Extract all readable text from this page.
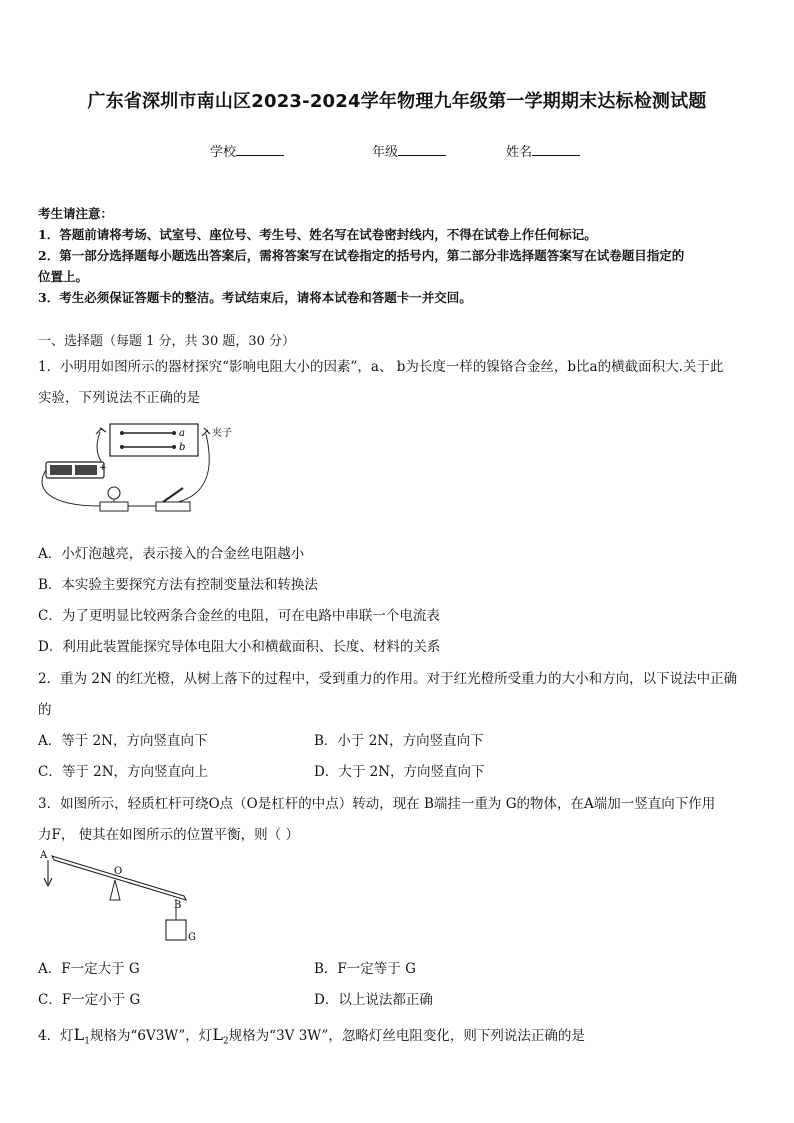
广东省深圳市南山区2023-2024学年物理九年级第一学期期末达标检测试题
学校	年级	姓名
考生请注意：
1．答题前请将考场、试室号、座位号、考生号、姓名写在试卷密封线内，不得在试卷上作任何标记。
2．第一部分选择题每小题选出答案后，需将答案写在试卷指定的括号内，第二部分非选择题答案写在试卷题目指定的
位置上。
3．考生必须保证答题卡的整洁。考试结束后，请将本试卷和答题卡一并交回。
一、选择题（每题 1 分，共 30 题，30 分）
1．小明用如图所示的器材探究“影响电阻大小的因素”，a、 b为长度一样的镍铬合金丝，b比a的横截面积大.关于此
实验，下列说法不正确的是
a
b
夹子
+
A．小灯泡越亮，表示接入的合金丝电阻越小
B．本实验主要探究方法有控制变量法和转换法
C．为了更明显比较两条合金丝的电阻，可在电路中串联一个电流表
D．利用此装置能探究导体电阻大小和横截面积、长度、材料的关系
2．重为 2N 的红光橙，从树上落下的过程中，受到重力的作用。对于红光橙所受重力的大小和方向，以下说法中正确
的
A．等于 2N，方向竖直向下	B．小于 2N，方向竖直向下
C．等于 2N，方向竖直向上	D．大于 2N，方向竖直向下
3．如图所示，轻质杠杆可绕O点（O是杠杆的中点）转动，现在 B端挂一重为 G的物体，在A端加一竖直向下作用
力F， 使其在如图所示的位置平衡，则（ ）
A
O
B
G
A．F一定大于 G	B．F一定等于 G
C．F一定小于 G	D．以上说法都正确
4．灯$L_1$规格为“6V3W”，灯$L_2$规格为“3V 3W”，忽略灯丝电阻变化，则下列说法正确的是
